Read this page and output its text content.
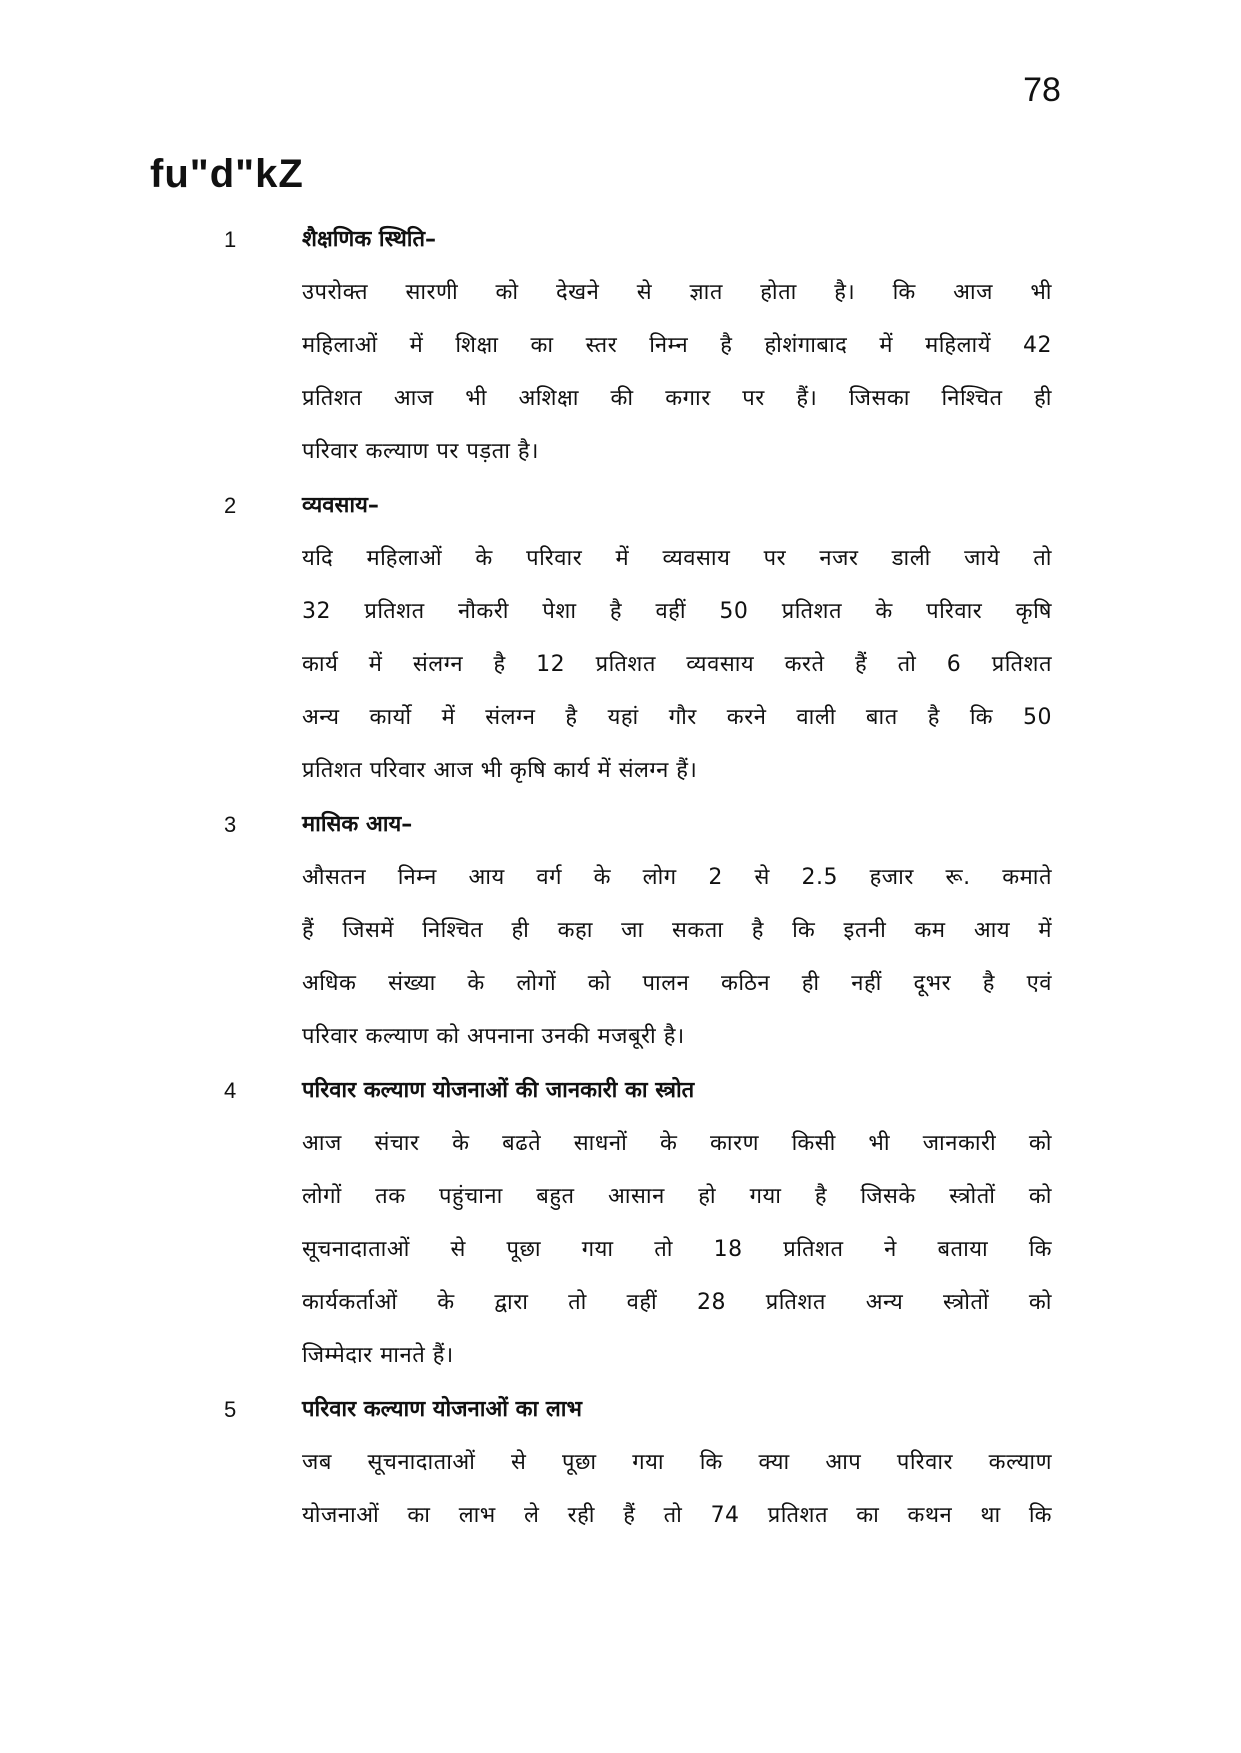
78
fu"d"kZ
1	शैक्षणिक स्थिति–
उपरोक्त सारणी को देखने से ज्ञात होता है। कि आज भी
महिलाओं में शिक्षा का स्तर निम्न है होशंगाबाद में महिलायें 42
प्रतिशत आज भी अशिक्षा की कगार पर हैं। जिसका निश्चित ही
परिवार कल्याण पर पड़ता है।
2	व्यवसाय–
यदि महिलाओं के परिवार में व्यवसाय पर नजर डाली जाये तो
32 प्रतिशत नौकरी पेशा है वहीं 50 प्रतिशत के परिवार कृषि
कार्य में संलग्न है 12 प्रतिशत व्यवसाय करते हैं तो 6 प्रतिशत
अन्य कार्यो में संलग्न है यहां गौर करने वाली बात है कि 50
प्रतिशत परिवार आज भी कृषि कार्य में संलग्न हैं।
3	मासिक आय–
औसतन निम्न आय वर्ग के लोग 2 से 2.5 हजार रू. कमाते
हैं जिसमें निश्चित ही कहा जा सकता है कि इतनी कम आय में
अधिक संख्या के लोगों को पालन कठिन ही नहीं दूभर है एवं
परिवार कल्याण को अपनाना उनकी मजबूरी है।
4	परिवार कल्याण योजनाओं की जानकारी का स्त्रोत
आज संचार के बढते साधनों के कारण किसी भी जानकारी को
लोगों तक पहुंचाना बहुत आसान हो गया है जिसके स्त्रोतों को
सूचनादाताओं से पूछा गया तो 18 प्रतिशत ने बताया कि
कार्यकर्ताओं के द्वारा तो वहीं 28 प्रतिशत अन्य स्त्रोतों को
जिम्मेदार मानते हैं।
5	परिवार कल्याण योजनाओं का लाभ
जब सूचनादाताओं से पूछा गया कि क्या आप परिवार कल्याण
योजनाओं का लाभ ले रही हैं तो 74 प्रतिशत का कथन था कि
